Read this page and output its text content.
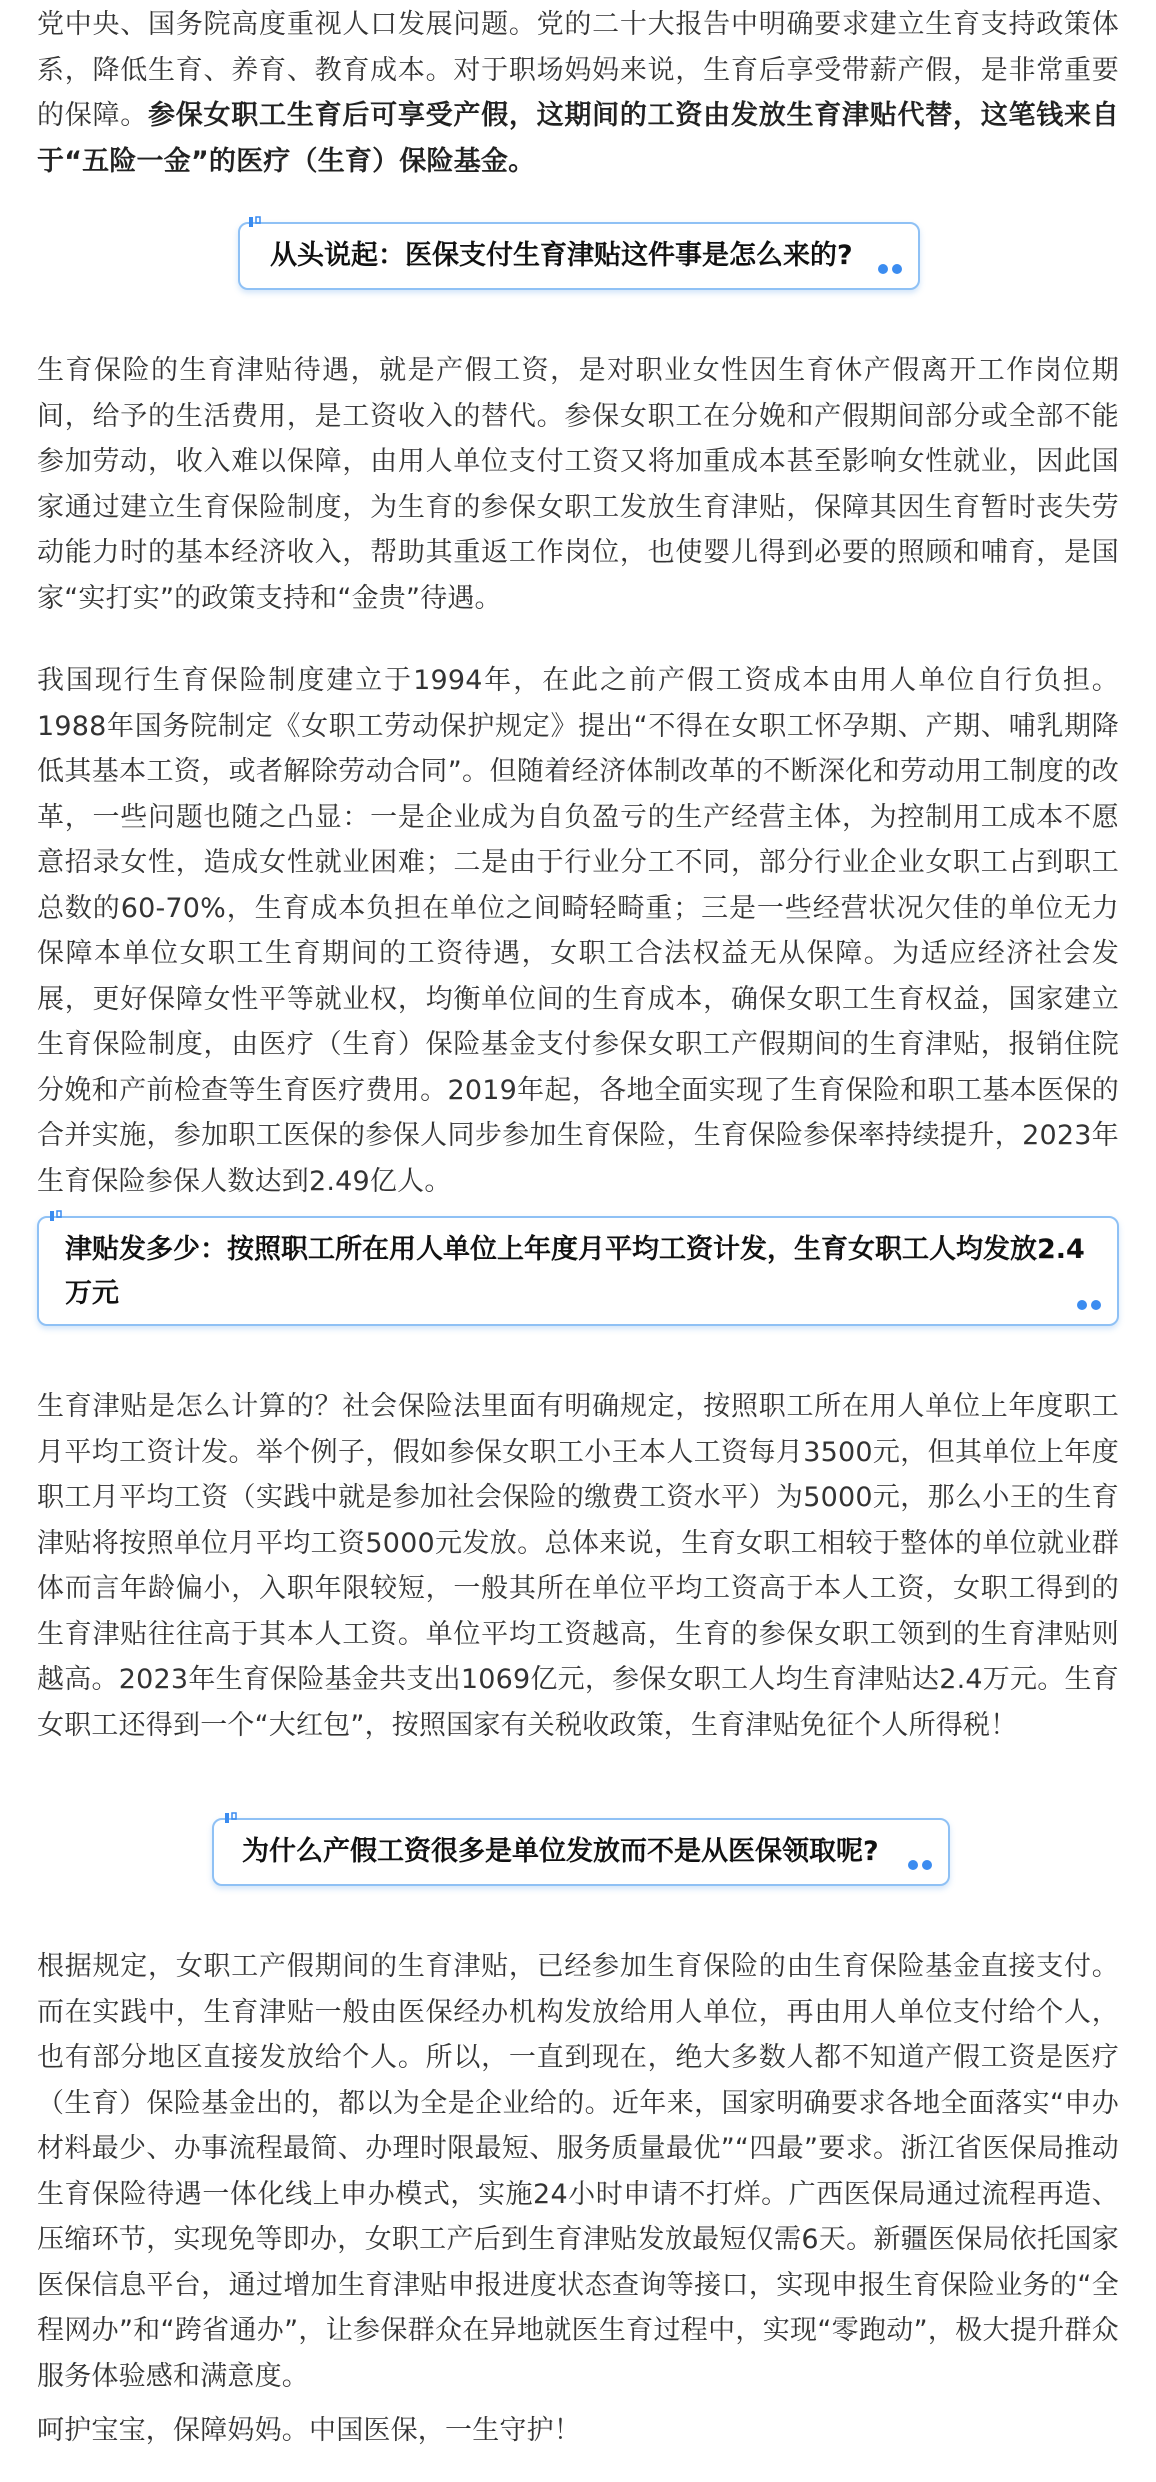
党中央、国务院高度重视人口发展问题。党的二十大报告中明确要求建立生育支持政策体系，降低生育、养育、教育成本。对于职场妈妈来说，生育后享受带薪产假，是非常重要的保障。参保女职工生育后可享受产假，这期间的工资由发放生育津贴代替，这笔钱来自于“五险一金”的医疗（生育）保险基金。

从头说起：医保支付生育津贴这件事是怎么来的?

生育保险的生育津贴待遇，就是产假工资，是对职业女性因生育休产假离开工作岗位期间，给予的生活费用，是工资收入的替代。参保女职工在分娩和产假期间部分或全部不能参加劳动，收入难以保障，由用人单位支付工资又将加重成本甚至影响女性就业，因此国家通过建立生育保险制度，为生育的参保女职工发放生育津贴，保障其因生育暂时丧失劳动能力时的基本经济收入，帮助其重返工作岗位，也使婴儿得到必要的照顾和哺育，是国家“实打实”的政策支持和“金贵”待遇。

我国现行生育保险制度建立于1994年，在此之前产假工资成本由用人单位自行负担。1988年国务院制定《女职工劳动保护规定》提出“不得在女职工怀孕期、产期、哺乳期降低其基本工资，或者解除劳动合同”。但随着经济体制改革的不断深化和劳动用工制度的改革，一些问题也随之凸显：一是企业成为自负盈亏的生产经营主体，为控制用工成本不愿意招录女性，造成女性就业困难；二是由于行业分工不同，部分行业企业女职工占到职工总数的60-70%，生育成本负担在单位之间畸轻畸重；三是一些经营状况欠佳的单位无力保障本单位女职工生育期间的工资待遇，女职工合法权益无从保障。为适应经济社会发展，更好保障女性平等就业权，均衡单位间的生育成本，确保女职工生育权益，国家建立生育保险制度，由医疗（生育）保险基金支付参保女职工产假期间的生育津贴，报销住院分娩和产前检查等生育医疗费用。2019年起，各地全面实现了生育保险和职工基本医保的合并实施，参加职工医保的参保人同步参加生育保险，生育保险参保率持续提升，2023年生育保险参保人数达到2.49亿人。

津贴发多少：按照职工所在用人单位上年度月平均工资计发，生育女职工人均发放2.4万元

生育津贴是怎么计算的？社会保险法里面有明确规定，按照职工所在用人单位上年度职工月平均工资计发。举个例子，假如参保女职工小王本人工资每月3500元，但其单位上年度职工月平均工资（实践中就是参加社会保险的缴费工资水平）为5000元，那么小王的生育津贴将按照单位月平均工资5000元发放。总体来说，生育女职工相较于整体的单位就业群体而言年龄偏小，入职年限较短，一般其所在单位平均工资高于本人工资，女职工得到的生育津贴往往高于其本人工资。单位平均工资越高，生育的参保女职工领到的生育津贴则越高。2023年生育保险基金共支出1069亿元，参保女职工人均生育津贴达2.4万元。生育女职工还得到一个“大红包”，按照国家有关税收政策，生育津贴免征个人所得税！

为什么产假工资很多是单位发放而不是从医保领取呢?

根据规定，女职工产假期间的生育津贴，已经参加生育保险的由生育保险基金直接支付。而在实践中，生育津贴一般由医保经办机构发放给用人单位，再由用人单位支付给个人，也有部分地区直接发放给个人。所以，一直到现在，绝大多数人都不知道产假工资是医疗（生育）保险基金出的，都以为全是企业给的。近年来，国家明确要求各地全面落实“申办材料最少、办事流程最简、办理时限最短、服务质量最优”“四最”要求。浙江省医保局推动生育保险待遇一体化线上申办模式，实施24小时申请不打烊。广西医保局通过流程再造、压缩环节，实现免等即办，女职工产后到生育津贴发放最短仅需6天。新疆医保局依托国家医保信息平台，通过增加生育津贴申报进度状态查询等接口，实现申报生育保险业务的“全程网办”和“跨省通办”，让参保群众在异地就医生育过程中，实现“零跑动”，极大提升群众服务体验感和满意度。

呵护宝宝，保障妈妈。中国医保，一生守护！
